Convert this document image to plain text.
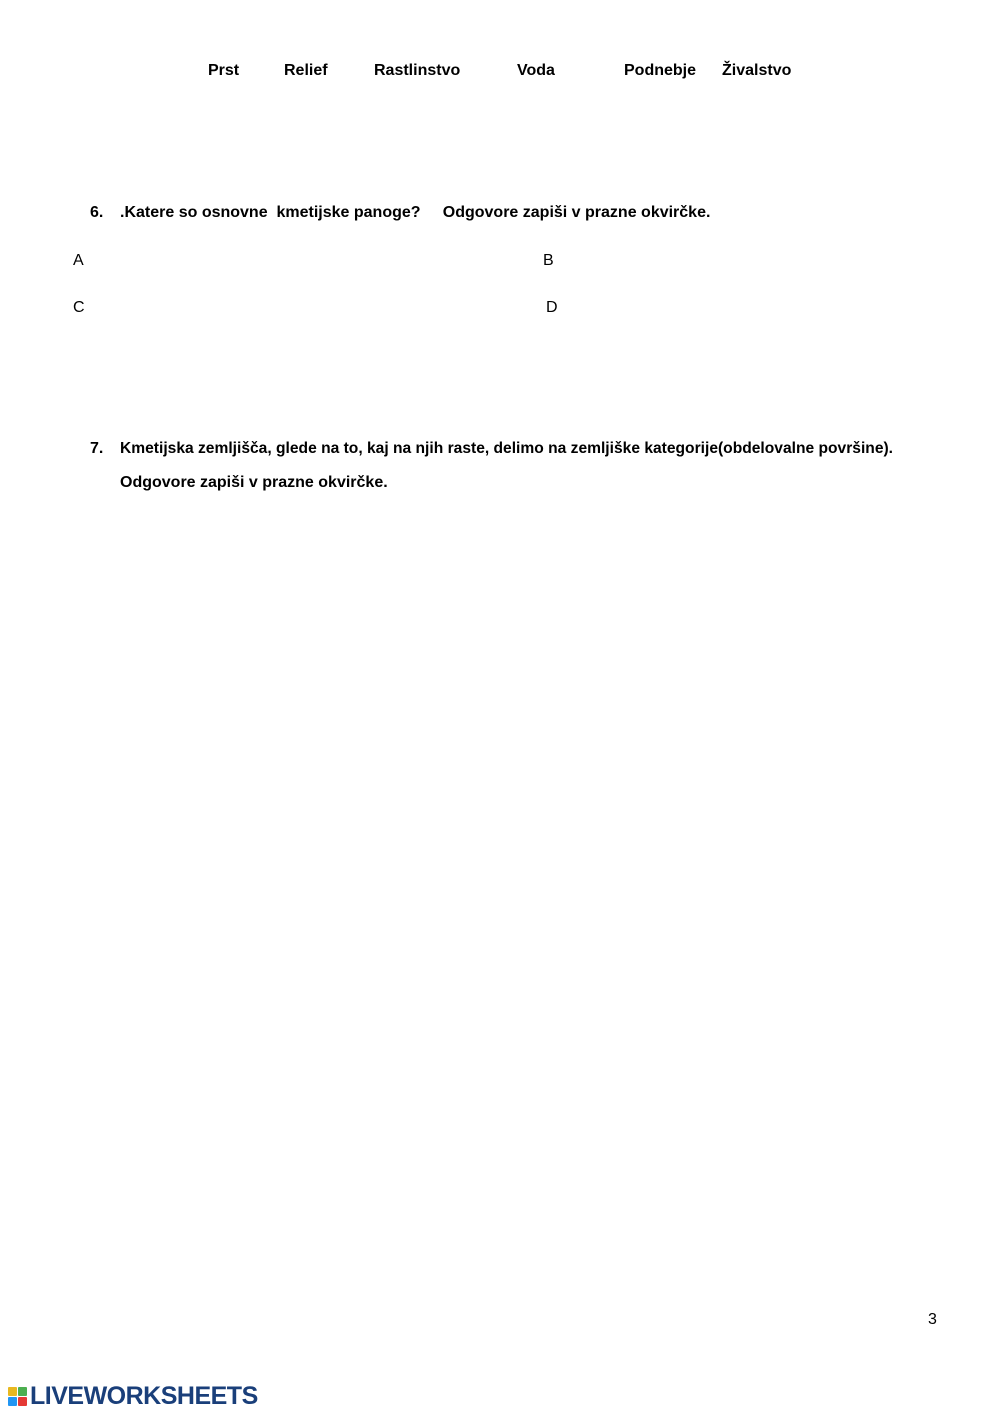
Prst	Relief	Rastlinstvo	Voda	Podnebje Živalstvo
6. .Katere so osnovne  kmetijske panoge?     Odgovore zapiši v prazne okvirčke.
A	B
C	D
7. Kmetijska zemljišča, glede na to, kaj na njih raste, delimo na zemljiške kategorije(obdelovalne površine).
Odgovore zapiši v prazne okvirčke.
3
LIVEWORKSHEETS
